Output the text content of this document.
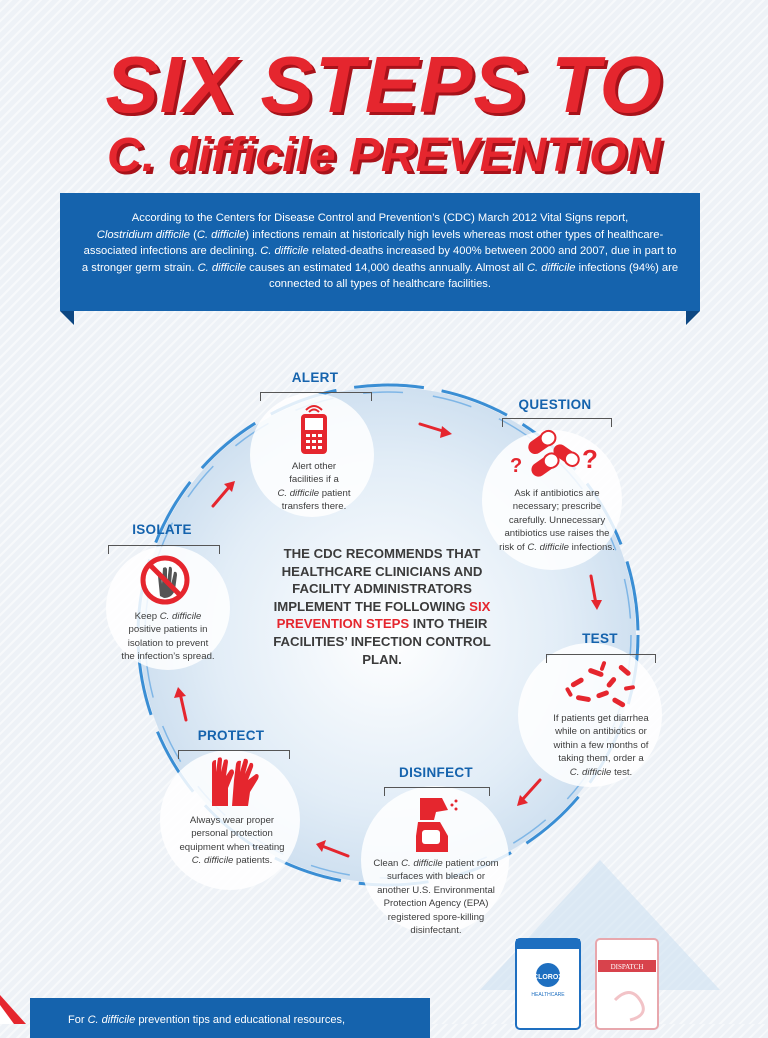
SIX STEPS TO
C. difficile PREVENTION
According to the Centers for Disease Control and Prevention’s (CDC) March 2012 Vital Signs report,
Clostridium difficile (C. difficile) infections remain at historically high levels whereas most other types of healthcare-associated infections are declining. C. difficile related-deaths increased by 400% between 2000 and 2007, due in part to a stronger germ strain. C. difficile causes an estimated 14,000 deaths annually. Almost all C. difficile infections (94%) are connected to all types of healthcare facilities.
? ?
CLOROX
HEALTHCARE
DISPATCH
THE CDC RECOMMENDS THAT HEALTHCARE CLINICIANS AND FACILITY ADMINISTRATORS IMPLEMENT THE FOLLOWING SIX PREVENTION STEPS INTO THEIR FACILITIES’ INFECTION CONTROL PLAN.
ALERT
Alert other
facilities if a
C. difficile patient
transfers there.
QUESTION
Ask if antibiotics are
necessary; prescribe
carefully. Unnecessary
antibiotics use raises the
risk of C. difficile infections.
TEST
If patients get diarrhea
while on antibiotics or
within a few months of
taking them, order a
C. difficile test.
DISINFECT
Clean C. difficile patient room
surfaces with bleach or
another U.S. Environmental
Protection Agency (EPA)
registered spore-killing
disinfectant.
PROTECT
Always wear proper
personal protection
equipment when treating
C. difficile patients.
ISOLATE
Keep C. difficile
positive patients in
isolation to prevent
the infection’s spread.
For C. difficile prevention tips and educational resources,
